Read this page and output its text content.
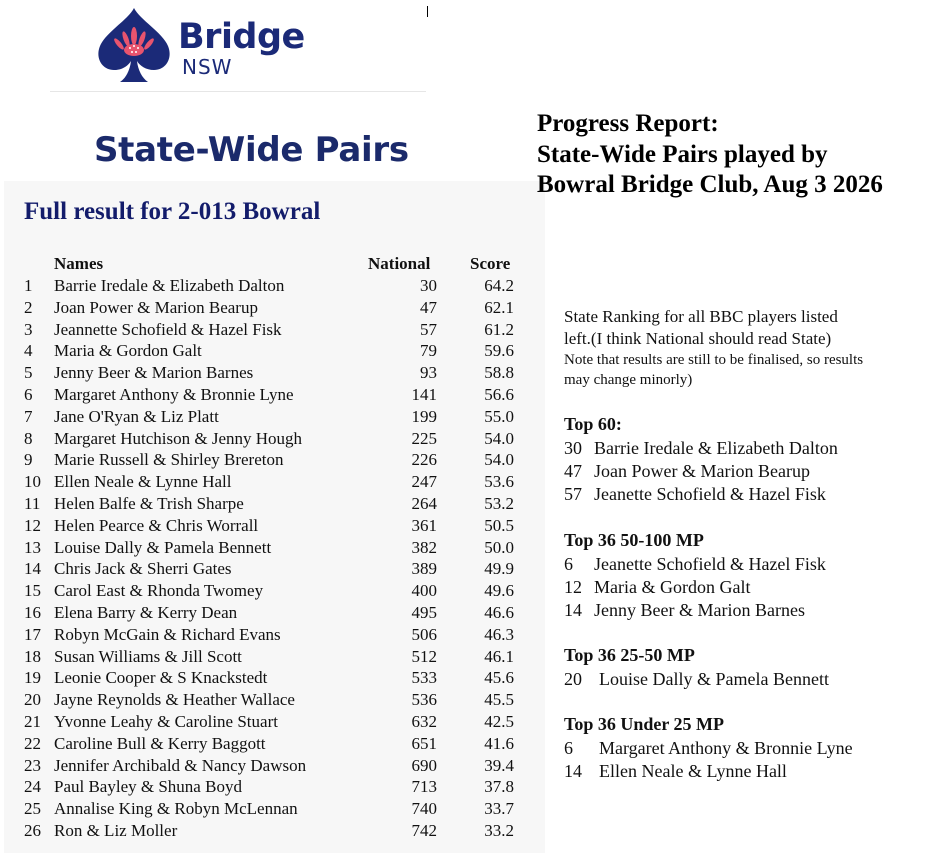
Bridge
NSW
State-Wide Pairs
Full result for 2-013 Bowral
Names	National Score
1 Barrie Iredale & Elizabeth Dalton	30	64.2
2 Joan Power & Marion Bearup	47	62.1
3 Jeannette Schofield & Hazel Fisk	57	61.2
4 Maria & Gordon Galt	79	59.6
5 Jenny Beer & Marion Barnes	93	58.8
6 Margaret Anthony & Bronnie Lyne	141	56.6
7 Jane O'Ryan & Liz Platt	199	55.0
8 Margaret Hutchison & Jenny Hough	225	54.0
9 Marie Russell & Shirley Brereton	226	54.0
10 Ellen Neale & Lynne Hall	247	53.6
11 Helen Balfe & Trish Sharpe	264	53.2
12 Helen Pearce & Chris Worrall	361	50.5
13 Louise Dally & Pamela Bennett	382	50.0
14 Chris Jack & Sherri Gates	389	49.9
15 Carol East & Rhonda Twomey	400	49.6
16 Elena Barry & Kerry Dean	495	46.6
17 Robyn McGain & Richard Evans	506	46.3
18 Susan Williams & Jill Scott	512	46.1
19 Leonie Cooper & S Knackstedt	533	45.6
20 Jayne Reynolds & Heather Wallace	536	45.5
21 Yvonne Leahy & Caroline Stuart	632	42.5
22 Caroline Bull & Kerry Baggott	651	41.6
23 Jennifer Archibald & Nancy Dawson	690	39.4
24 Paul Bayley & Shuna Boyd	713	37.8
25 Annalise King & Robyn McLennan	740	33.7
26 Ron & Liz Moller	742	33.2
Progress Report:
State-Wide Pairs played by
Bowral Bridge Club, Aug 3 2026
State Ranking for all BBC players listed
left.(I think National should read State)
Note that results are still to be finalised, so results
may change minorly)
Top 60:
30 Barrie Iredale & Elizabeth Dalton
47 Joan Power & Marion Bearup
57 Jeanette Schofield & Hazel Fisk
Top 36 50-100 MP
6 Jeanette Schofield & Hazel Fisk
12 Maria & Gordon Galt
14 Jenny Beer & Marion Barnes
Top 36 25-50 MP
20 Louise Dally & Pamela Bennett
Top 36 Under 25 MP
6 Margaret Anthony & Bronnie Lyne
14 Ellen Neale & Lynne Hall
